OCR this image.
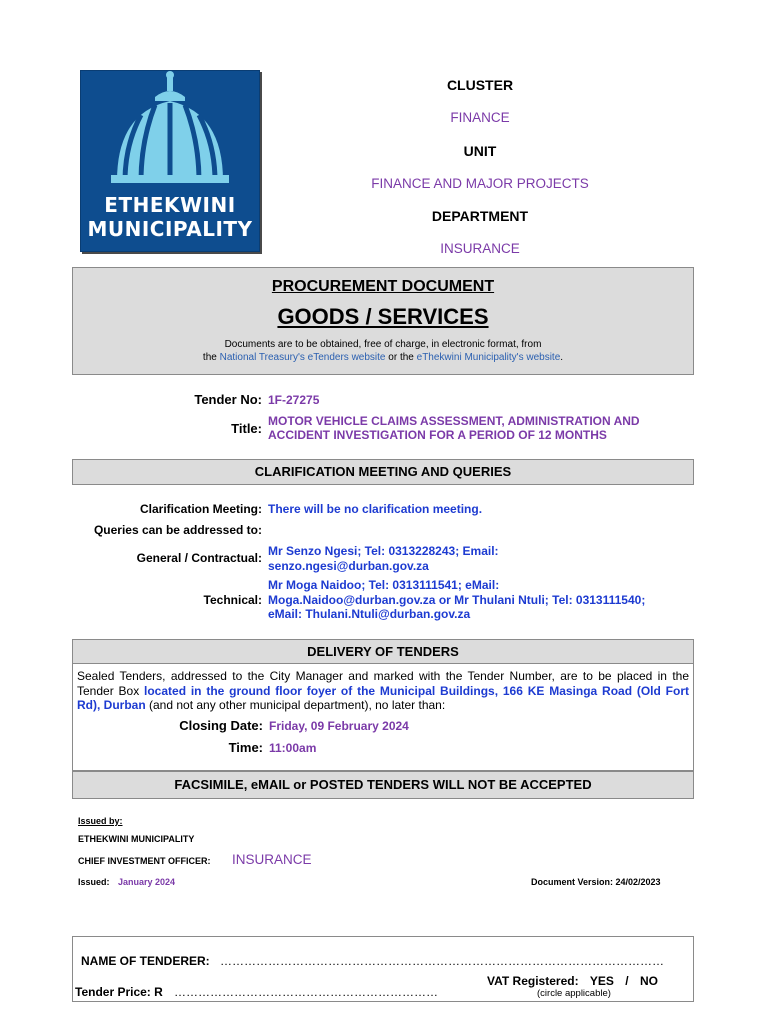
ETHEKWINI
MUNICIPALITY
CLUSTER
FINANCE
UNIT
FINANCE AND MAJOR PROJECTS
DEPARTMENT
INSURANCE
PROCUREMENT DOCUMENT
GOODS / SERVICES
Documents are to be obtained, free of charge, in electronic format, from
the National Treasury's eTenders website or the eThekwini Municipality's website.
Tender No: 1F-27275
Title: MOTOR VEHICLE CLAIMS ASSESSMENT, ADMINISTRATION AND
ACCIDENT INVESTIGATION FOR A PERIOD OF 12 MONTHS
CLARIFICATION MEETING AND QUERIES
Clarification Meeting: There will be no clarification meeting.
Queries can be addressed to:
General / Contractual: Mr Senzo Ngesi; Tel: 0313228243; Email:
senzo.ngesi@durban.gov.za
Technical:
Mr Moga Naidoo; Tel: 0313111541; eMail:
Moga.Naidoo@durban.gov.za or Mr Thulani Ntuli; Tel: 0313111540;
eMail: Thulani.Ntuli@durban.gov.za
DELIVERY OF TENDERS
Sealed Tenders, addressed to the City Manager and marked with the Tender Number, are to be placed in the Tender Box located in the ground floor foyer of the Municipal Buildings, 166 KE Masinga Road (Old Fort Rd), Durban (and not any other municipal department), no later than:
Closing Date: Friday, 09 February 2024
Time: 11:00am
FACSIMILE, eMAIL or POSTED TENDERS WILL NOT BE ACCEPTED
Issued by:
ETHEKWINI MUNICIPALITY
CHIEF INVESTMENT OFFICER: INSURANCE
Issued: January 2024	Document Version: 24/02/2023
NAME OF TENDERER: …………………………………………………………………………………………………
VAT Registered: YES / NO
(circle applicable)
Tender Price: R …………………………………………………………
